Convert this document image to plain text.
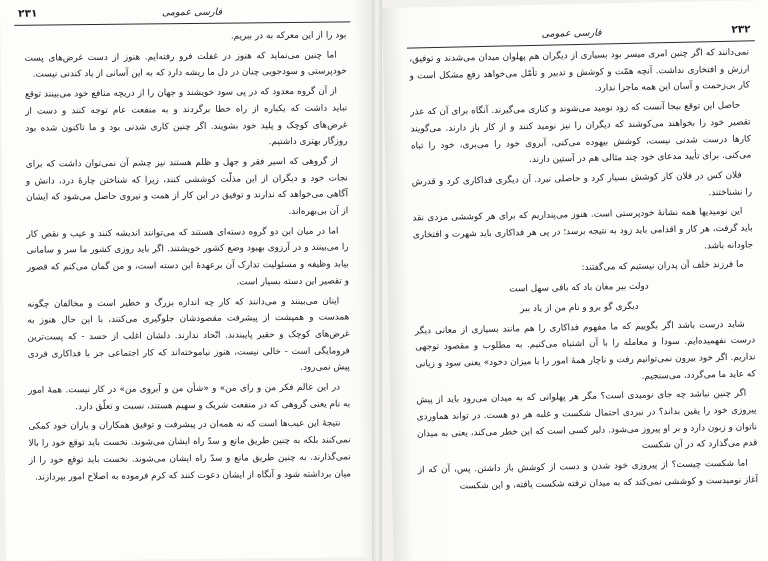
فارسی عمومی
۲۳۱

بود را از این معرکه به در ببریم.

اما چنین می‌نماید که هنوز در غفلت فرو رفته‌ایم. هنوز از دست غرض‌های پست خودپرستی و سودجویی چنان در دل ما ریشه دارد که به این آسانی از یاد کندنی نیست.

از آن گروه معدود که در پی سود خویشند و جهان را از دریچه منافع خود می‌بینند توقع نباید داشت که یکباره از راه خطا برگردند و به منفعت عام توجه کنند و دست از غرض‌های کوچک و پلید خود بشویند. اگر چنین کاری شدنی بود و ما تاکنون شده بود روزگار بهتری داشتیم.

از گروهی که اسیر فقر و جهل و ظلم هستند نیز چشم آن نمی‌توان داشت که برای نجات خود و دیگران از این مذلّت کوششی کنند، زیرا که شناختن چارهٔ درد، دانش و آگاهی می‌خواهد که ندارند و توفیق در این کار از همت و نیروی حاصل می‌شود که ایشان از آن بی‌بهره‌اند.

اما در میان این دو گروه دسته‌ای هستند که می‌توانند اندیشه کنند و عیب و نقص کار را می‌بینند و در آرزوی بهبود وضع کشور خویشتند. اگر باید روزی کشور ما سر و سامانی بیابد وظیفه و مسئولیت تدارک آن برعهدهٔ این دسته است، و من گمان می‌کنم که قصور و تقصیر این دسته بسیار است.

اینان می‌بینند و می‌دانند که کار چه اندازه بزرگ و خطیر است و مخالفان چگونه همدست و همپشت از پیشرفت مقصودشان جلوگیری می‌کنند، با این حال هنوز به غرض‌های کوچک و حقیر پایبندند. اتّحاد ندارند. دلشان اغلب از حسد - که پست‌ترین فرومایگی است - خالی نیست، هنوز نیاموخته‌اند که کار اجتماعی جز با فداکاری فردی پیش نمی‌رود.

در این عالم فکر من و رای من» و «شأن من و آبروی من» در کار نیست. همهٔ امور به نام یعنی گروهی که در منفعت شریک و سهیم هستند، نسبت و تعلّق دارد.

نتیجهٔ این عیب‌ها است که نه همه‌ان در پیشرفت و توفیق همکاران و یاران خود کمکی نمی‌کنند بلکه به چنین طریق مانع و سدّ راه ایشان می‌شوند. نخست باید توقع خود را بالا نمی‌گذارند. به چنین طریق مانع و سدّ راه ایشان می‌شوند. نخست باید توقع خود را از میان برداشته شود و آنگاه از ایشان دعوت کنند که کرم فرموده به اصلاح امور بپردازند.

فارسی عمومی	۲۳۲

نمی‌دانند که اگر چنین امری میسر بود بسیاری از دیگران هم پهلوان میدان می‌شدند و توفیق، ارزش و افتخاری نداشت. آنچه همّت و کوشش و تدبیر و تأمّل می‌خواهد رفع مشکل است و کار بی‌زحمت و آسان این همه ماجرا ندارد.

حاصل این توقع بیجا آنست که زود نومید می‌شوند و کناری می‌گیرند. آنگاه برای آن که عذر تقصیر خود را بخواهند می‌کوشند که دیگران را نیز نومید کنند و از کار باز دارند. می‌گویند کارها درست شدنی نیست، کوشش بیهوده می‌کنی، آبروی خود را می‌بری، خود را تباه می‌کنی. برای تأیید مدعای خود چند مثالی هم در آستین دارند.

فلان کس در فلان کار کوشش بسیار کرد و حاصلی نبرد. آن دیگری فداکاری کرد و قدرش را نشناختند.

این نومیدیها همه نشانهٔ خودپرستی است. هنوز می‌پنداریم که برای هر کوششی مزدی نقد باید گرفت، هر کار و اقدامی باید زود به نتیجه برسد؛ در پی هر فداکاری باید شهرت و افتخاری جاودانه باشد.

ما فرزند خلف آن پدران نیستیم که می‌گفتند:

دولت بیر مغان باد که باقی سهل است

دیگری گو برو و نام من از یاد ببر

شاید درست باشد اگر بگوییم که ما مفهوم فداکاری را هم مانند بسیاری از معانی دیگر درست نفهمیده‌ایم. سودا و معامله را با آن اشتباه می‌کنیم. به مطلوب و مقصود توجهی نداریم. اگر خود بیرون نمی‌توانیم رفت و ناچار همهٔ امور را با میزان دخود» یعنی سود و زیانی که عاید ما می‌گردد، می‌سنجیم.

اگر چنین نباشد چه جای نومیدی است؟ مگر هر پهلوانی که به میدان می‌رود باید از پیش پیروزی خود را یقین بداند؟ در نبردی احتمال شکست و غلبه هر دو هست. در تواند هماوردی ناتوان و زبون دارد و بر او پیروز می‌شود. دلیر کسی است که این خطر می‌کند، یعنی به میدان قدم می‌گذارد که در آن شکست

اما شکست چیست؟ از پیروزی خود شدن و دست از کوشش باز داشتن. پس، آن که از آغاز نومیدست و کوششی نمی‌کند که به میدان ترفته شکست یافته، و این شکست
